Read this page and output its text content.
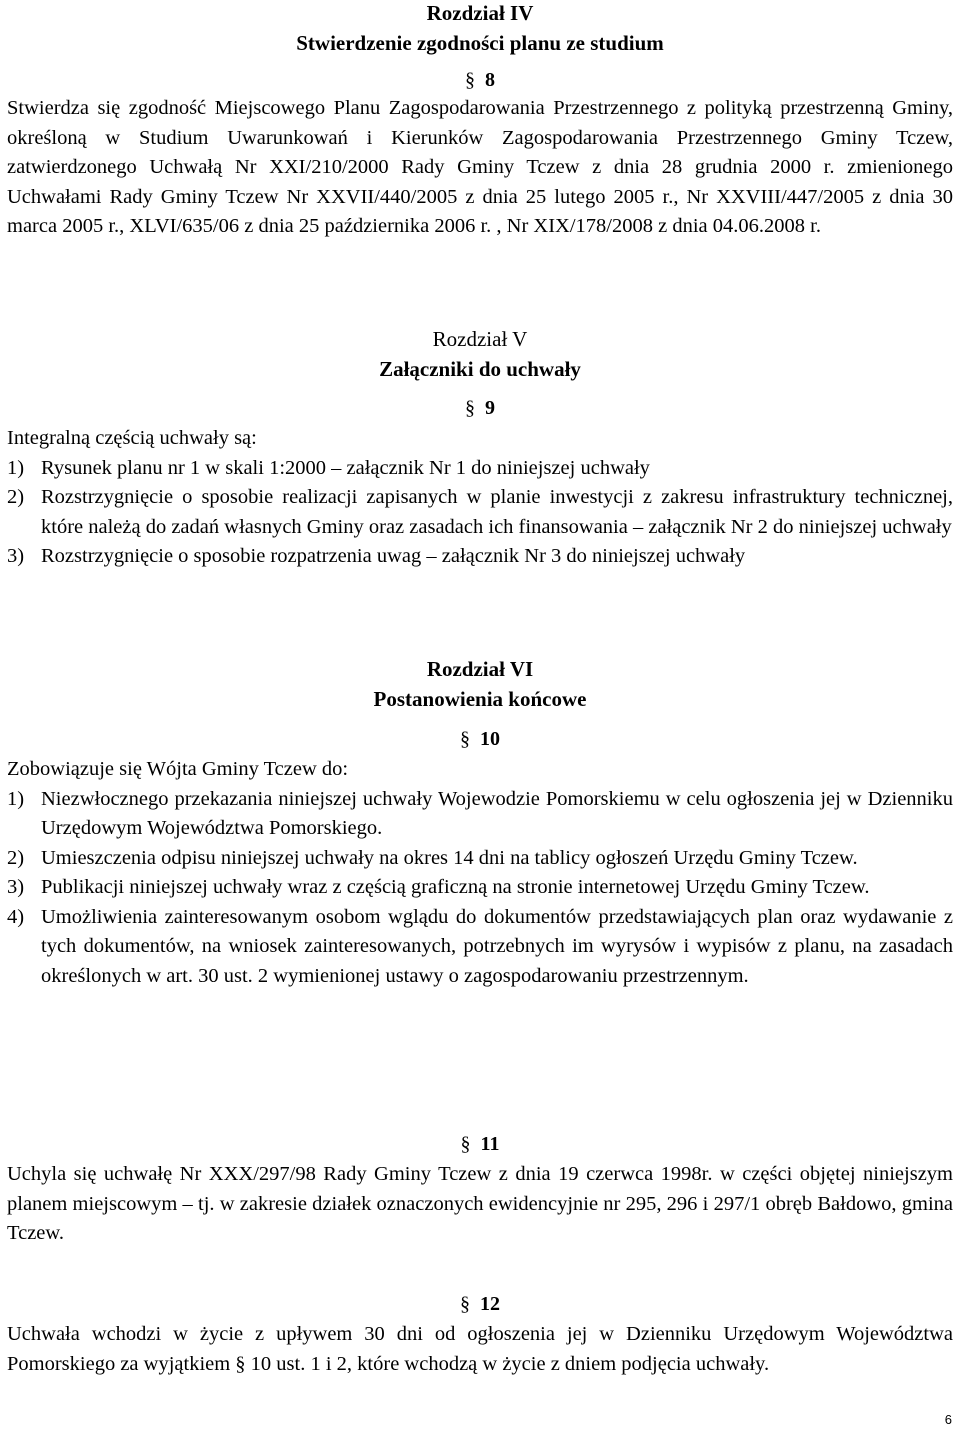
Rozdział IV
Stwierdzenie zgodności planu ze studium
§ 8
Stwierdza się zgodność Miejscowego Planu Zagospodarowania Przestrzennego z polityką przestrzenną Gminy, określoną w Studium Uwarunkowań i Kierunków Zagospodarowania Przestrzennego Gminy Tczew, zatwierdzonego Uchwałą Nr XXI/210/2000 Rady Gminy Tczew z dnia 28 grudnia 2000 r. zmienionego Uchwałami Rady Gminy Tczew Nr XXVII/440/2005 z dnia 25 lutego 2005 r., Nr XXVIII/447/2005 z dnia 30 marca 2005 r., XLVI/635/06 z dnia 25 października 2006 r. , Nr XIX/178/2008 z dnia 04.06.2008 r.
Rozdział V
Załączniki do uchwały
§ 9
Integralną częścią uchwały są:
1) Rysunek planu nr 1 w skali 1:2000 – załącznik Nr 1 do niniejszej uchwały
2) Rozstrzygnięcie o sposobie realizacji zapisanych w planie inwestycji z zakresu infrastruktury technicznej, które należą do zadań własnych Gminy oraz zasadach ich finansowania – załącznik Nr 2 do niniejszej uchwały
3) Rozstrzygnięcie o sposobie rozpatrzenia uwag – załącznik Nr 3 do niniejszej uchwały
Rozdział VI
Postanowienia końcowe
§ 10
Zobowiązuje się Wójta Gminy Tczew do:
1) Niezwłocznego przekazania niniejszej uchwały Wojewodzie Pomorskiemu w celu ogłoszenia jej w Dzienniku Urzędowym Województwa Pomorskiego.
2) Umieszczenia odpisu niniejszej uchwały na okres 14 dni na tablicy ogłoszeń Urzędu Gminy Tczew.
3) Publikacji niniejszej uchwały wraz z częścią graficzną na stronie internetowej Urzędu Gminy Tczew.
4) Umożliwienia zainteresowanym osobom wglądu do dokumentów przedstawiających plan oraz wydawanie z tych dokumentów, na wniosek zainteresowanych, potrzebnych im wyrysów i wypisów z planu, na zasadach określonych w art. 30 ust. 2 wymienionej ustawy o zagospodarowaniu przestrzennym.
§ 11
Uchyla się uchwałę Nr XXX/297/98 Rady Gminy Tczew z dnia 19 czerwca 1998r. w części objętej niniejszym planem miejscowym – tj. w zakresie działek oznaczonych ewidencyjnie nr 295, 296 i 297/1 obręb Bałdowo, gmina Tczew.
§ 12
Uchwała wchodzi w życie z upływem 30 dni od ogłoszenia jej w Dzienniku Urzędowym Województwa Pomorskiego za wyjątkiem § 10 ust. 1 i 2, które wchodzą w życie z dniem podjęcia uchwały.
6
